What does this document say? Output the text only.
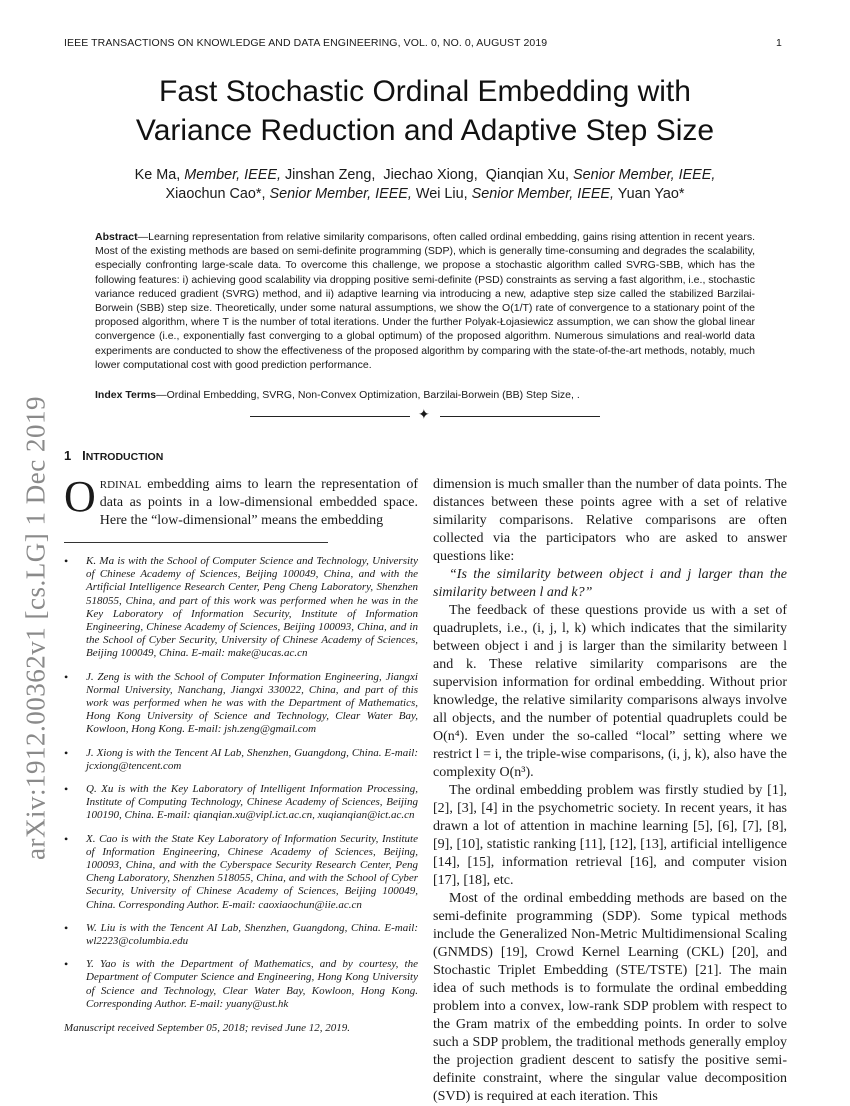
IEEE TRANSACTIONS ON KNOWLEDGE AND DATA ENGINEERING, VOL. 0, NO. 0, AUGUST 2019	1
Fast Stochastic Ordinal Embedding with
Variance Reduction and Adaptive Step Size
Ke Ma, Member, IEEE, Jinshan Zeng, Jiechao Xiong, Qianqian Xu, Senior Member, IEEE,
Xiaochun Cao*, Senior Member, IEEE, Wei Liu, Senior Member, IEEE, Yuan Yao*
Abstract—Learning representation from relative similarity comparisons, often called ordinal embedding, gains rising attention in recent years. Most of the existing methods are based on semi-definite programming (SDP), which is generally time-consuming and degrades the scalability, especially confronting large-scale data. To overcome this challenge, we propose a stochastic algorithm called SVRG-SBB, which has the following features: i) achieving good scalability via dropping positive semi-definite (PSD) constraints as serving a fast algorithm, i.e., stochastic variance reduced gradient (SVRG) method, and ii) adaptive learning via introducing a new, adaptive step size called the stabilized Barzilai-Borwein (SBB) step size. Theoretically, under some natural assumptions, we show the O(1/T) rate of convergence to a stationary point of the proposed algorithm, where T is the number of total iterations. Under the further Polyak-Łojasiewicz assumption, we can show the global linear convergence (i.e., exponentially fast converging to a global optimum) of the proposed algorithm. Numerous simulations and real-world data experiments are conducted to show the effectiveness of the proposed algorithm by comparing with the state-of-the-art methods, notably, much lower computational cost with good prediction performance.
Index Terms—Ordinal Embedding, SVRG, Non-Convex Optimization, Barzilai-Borwein (BB) Step Size, .
✦
arXiv:1912.00362v1 [cs.LG] 1 Dec 2019 1 INTRODUCTION
ORDINAL embedding aims to learn the representation of data as points in a low-dimensional embedded space. Here the “low-dimensional” means the embedding
• K. Ma is with the School of Computer Science and Technology, University of Chinese Academy of Sciences, Beijing 100049, China, and with the Artificial Intelligence Research Center, Peng Cheng Laboratory, Shenzhen 518055, China, and part of this work was performed when he was in the Key Laboratory of Information Security, Institute of Information Engineering, Chinese Academy of Sciences, Beijing 100093, China, and in the School of Cyber Security, University of Chinese Academy of Sciences, Beijing 100049, China. E-mail: make@ucas.ac.cn
• J. Zeng is with the School of Computer Information Engineering, Jiangxi Normal University, Nanchang, Jiangxi 330022, China, and part of this work was performed when he was with the Department of Mathematics, Hong Kong University of Science and Technology, Clear Water Bay, Kowloon, Hong Kong. E-mail: jsh.zeng@gmail.com
• J. Xiong is with the Tencent AI Lab, Shenzhen, Guangdong, China. E-mail: jcxiong@tencent.com
• Q. Xu is with the Key Laboratory of Intelligent Information Processing, Institute of Computing Technology, Chinese Academy of Sciences, Beijing 100190, China. E-mail: qianqian.xu@vipl.ict.ac.cn, xuqianqian@ict.ac.cn
• X. Cao is with the State Key Laboratory of Information Security, Institute of Information Engineering, Chinese Academy of Sciences, Beijing, 100093, China, and with the Cyberspace Security Research Center, Peng Cheng Laboratory, Shenzhen 518055, China, and with the School of Cyber Security, University of Chinese Academy of Sciences, Beijing 100049, China. Corresponding Author. E-mail: caoxiaochun@iie.ac.cn
• W. Liu is with the Tencent AI Lab, Shenzhen, Guangdong, China. E-mail: wl2223@columbia.edu
• Y. Yao is with the Department of Mathematics, and by courtesy, the Department of Computer Science and Engineering, Hong Kong University of Science and Technology, Clear Water Bay, Kowloon, Hong Kong. Corresponding Author. E-mail: yuany@ust.hk
Manuscript received September 05, 2018; revised June 12, 2019.

dimension is much smaller than the number of data points. The distances between these points agree with a set of relative similarity comparisons. Relative comparisons are often collected via the participators who are asked to answer questions like:

“Is the similarity between object i and j larger than the similarity between l and k?”

The feedback of these questions provide us with a set of quadruplets, i.e., (i, j, l, k) which indicates that the similarity between object i and j is larger than the similarity between l and k. These relative similarity comparisons are the supervision information for ordinal embedding. Without prior knowledge, the relative similarity comparisons always involve all objects, and the number of potential quadruplets could be O(n⁴). Even under the so-called “local” setting where we restrict l = i, the triple-wise comparisons, (i, j, k), also have the complexity O(n³).

The ordinal embedding problem was firstly studied by [1], [2], [3], [4] in the psychometric society. In recent years, it has drawn a lot of attention in machine learning [5], [6], [7], [8], [9], [10], statistic ranking [11], [12], [13], artificial intelligence [14], [15], information retrieval [16], and computer vision [17], [18], etc.

Most of the ordinal embedding methods are based on the semi-definite programming (SDP). Some typical methods include the Generalized Non-Metric Multidimensional Scaling (GNMDS) [19], Crowd Kernel Learning (CKL) [20], and Stochastic Triplet Embedding (STE/TSTE) [21]. The main idea of such methods is to formulate the ordinal embedding problem into a convex, low-rank SDP problem with respect to the Gram matrix of the embedding points. In order to solve such a SDP problem, the traditional methods generally employ the projection gradient descent to satisfy the positive semi-definite constraint, where the singular value decomposition (SVD) is required at each iteration. This
